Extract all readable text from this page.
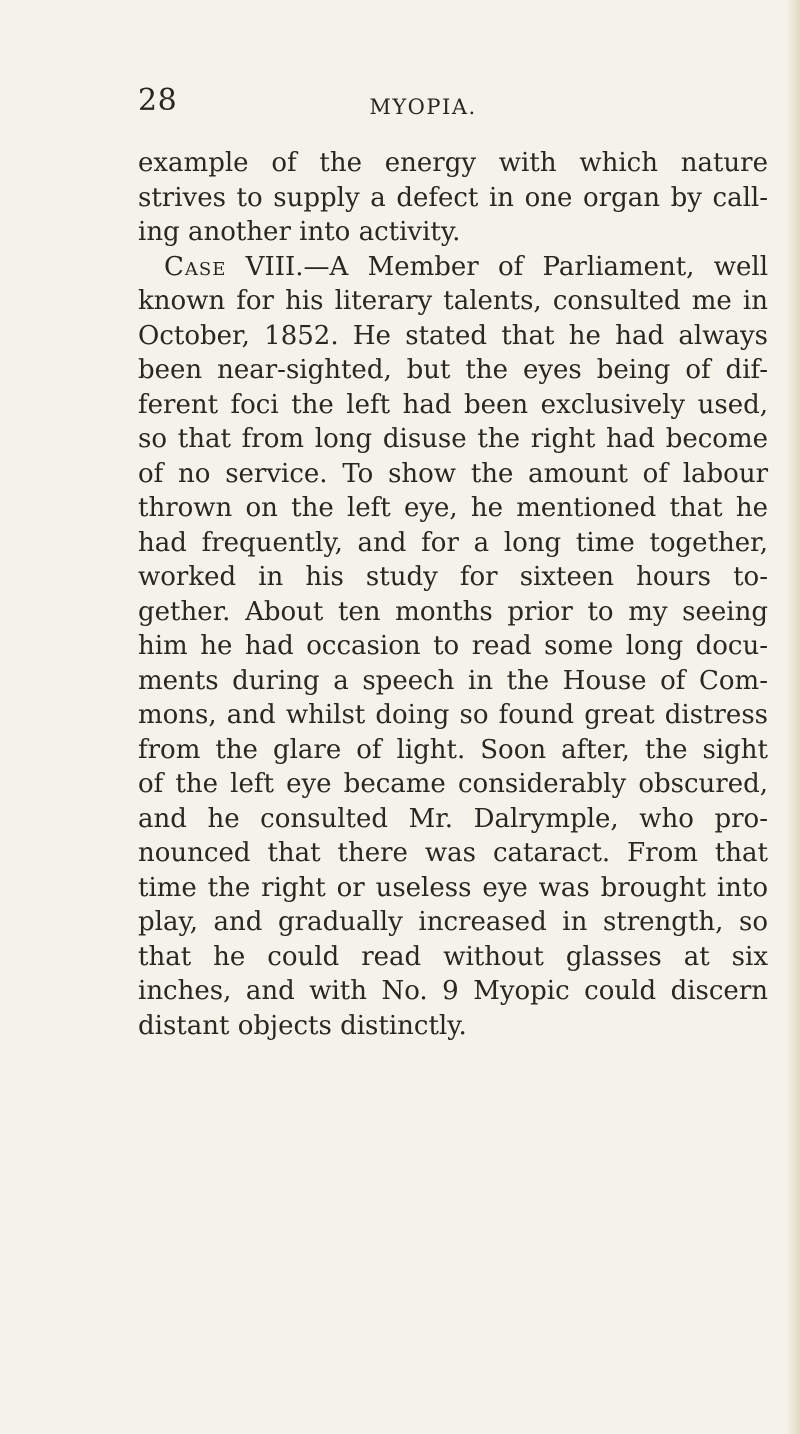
28	MYOPIA.
example of the energy with which nature
strives to supply a defect in one organ by call-
ing another into activity.
Case VIII.—A Member of Parliament, well
known for his literary talents, consulted me in
October, 1852. He stated that he had always
been near-sighted, but the eyes being of dif-
ferent foci the left had been exclusively used,
so that from long disuse the right had become
of no service. To show the amount of labour
thrown on the left eye, he mentioned that he
had frequently, and for a long time together,
worked in his study for sixteen hours to-
gether. About ten months prior to my seeing
him he had occasion to read some long docu-
ments during a speech in the House of Com-
mons, and whilst doing so found great distress
from the glare of light. Soon after, the sight
of the left eye became considerably obscured,
and he consulted Mr. Dalrymple, who pro-
nounced that there was cataract. From that
time the right or useless eye was brought into
play, and gradually increased in strength, so
that he could read without glasses at six
inches, and with No. 9 Myopic could discern
distant objects distinctly.
